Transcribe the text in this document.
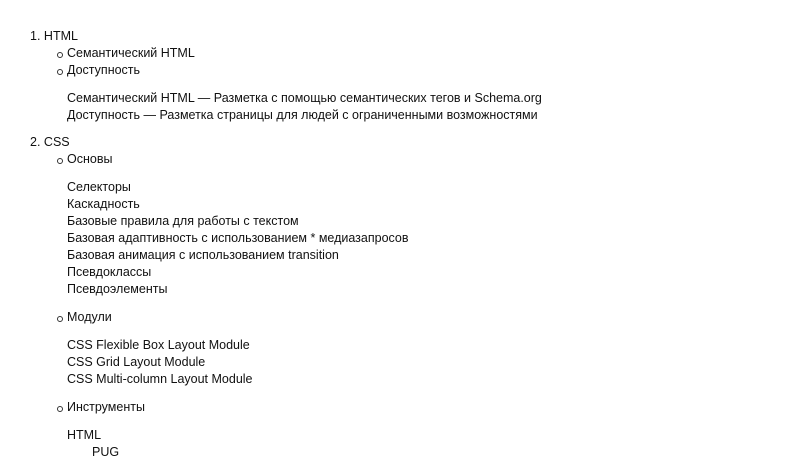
1. HTML
Семантический HTML
Доступность
Семантический HTML — Разметка с помощью семантических тегов и Schema.org
Доступность — Разметка страницы для людей с ограниченными возможностями
2. CSS
Основы
Селекторы
Каскадность
Базовые правила для работы с текстом
Базовая адаптивность с использованием * медиазапросов
Базовая анимация с использованием transition
Псевдоклассы
Псевдоэлементы
Модули
CSS Flexible Box Layout Module
CSS Grid Layout Module
CSS Multi-column Layout Module
Инструменты
HTML
PUG
